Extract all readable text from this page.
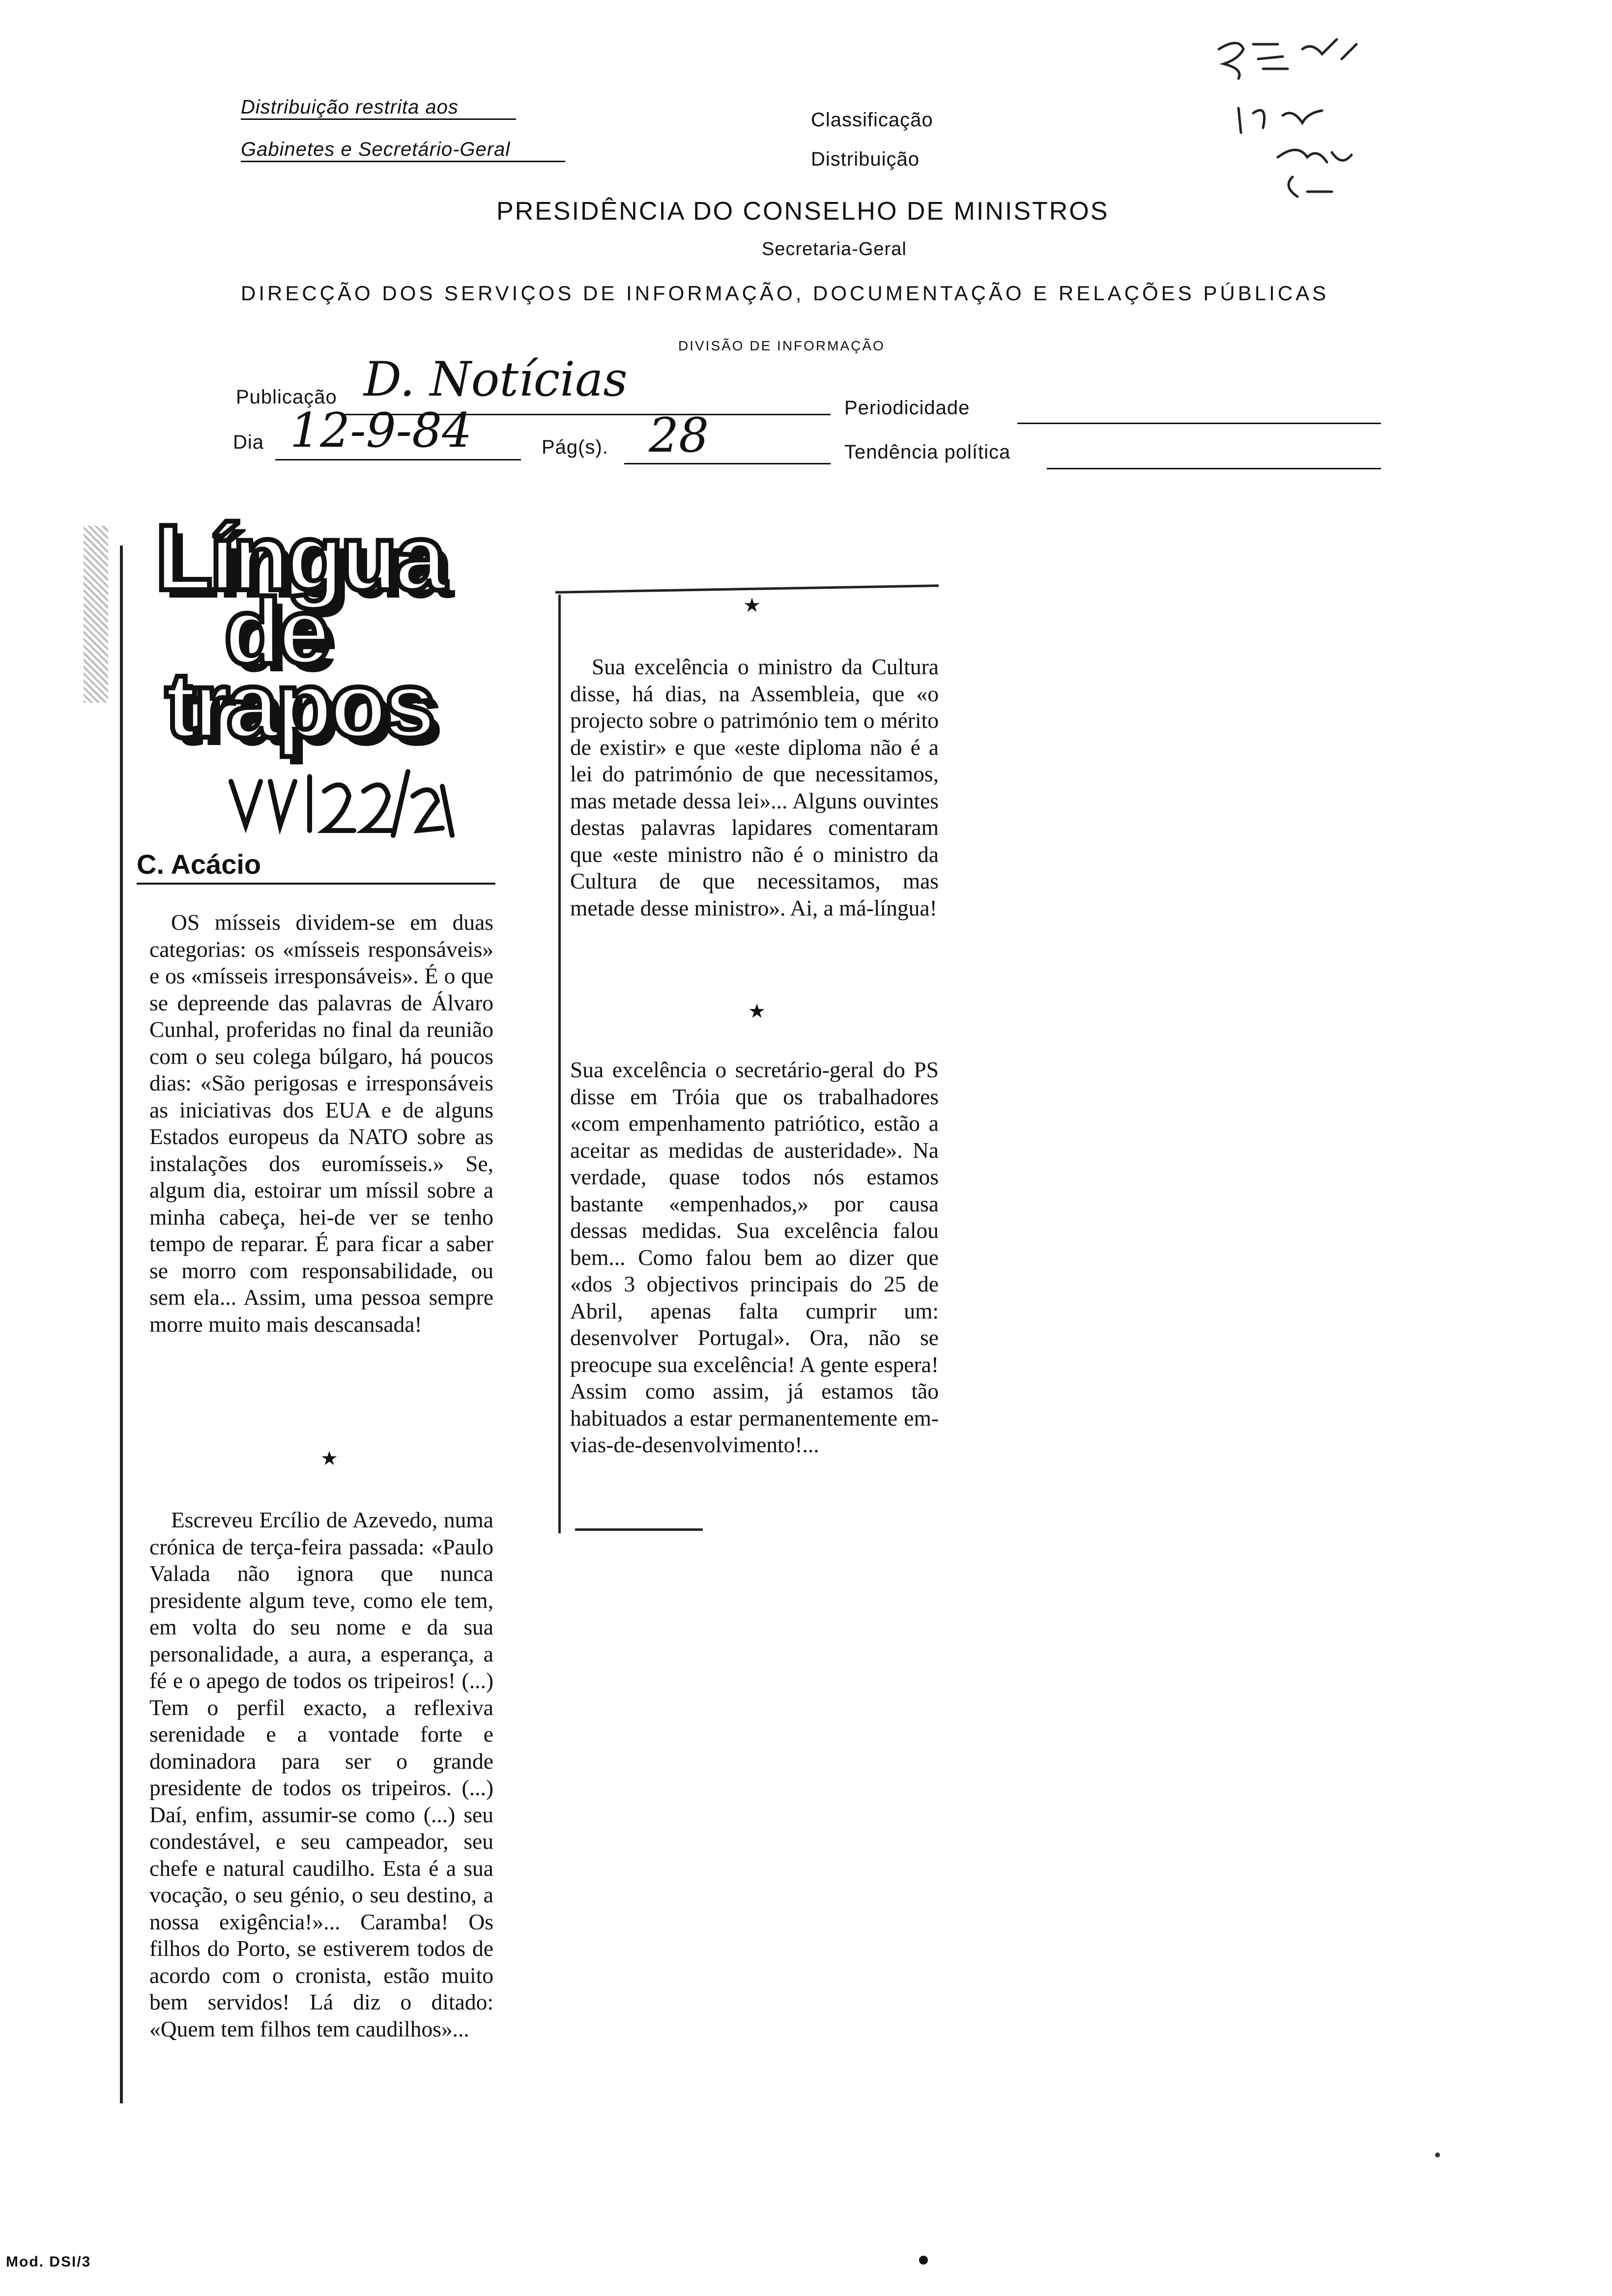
Distribuição restrita aos
Gabinetes e Secretário-Geral
Classificação
Distribuição
PRESIDÊNCIA DO CONSELHO DE MINISTROS
Secretaria-Geral
DIRECÇÃO DOS SERVIÇOS DE INFORMAÇÃO, DOCUMENTAÇÃO E RELAÇÕES PÚBLICAS
DIVISÃO DE INFORMAÇÃO
Publicação D. Notícias
Periodicidade
Dia 12-9-84	Pág(s). 28	Tendência política
Língua
de
trapos
C. Acácio

OS mísseis dividem-se em duas categorias: os «mísseis responsáveis» e os «mísseis irresponsáveis». É o que se depreende das palavras de Álvaro Cunhal, proferidas no final da reunião com o seu colega búlgaro, há poucos dias: «São perigosas e irresponsáveis as iniciativas dos EUA e de alguns Estados europeus da NATO sobre as instalações dos euromísseis.» Se, algum dia, estoirar um míssil sobre a minha cabeça, hei-de ver se tenho tempo de reparar. É para ficar a saber se morro com responsabilidade, ou sem ela... Assim, uma pessoa sempre morre muito mais descansada!

★

Escreveu Ercílio de Azevedo, numa crónica de terça-feira passada: «Paulo Valada não ignora que nunca presidente algum teve, como ele tem, em volta do seu nome e da sua personalidade, a aura, a esperança, a fé e o apego de todos os tripeiros! (...) Tem o perfil exacto, a reflexiva serenidade e a vontade forte e dominadora para ser o grande presidente de todos os tripeiros. (...) Daí, enfim, assumir-se como (...) seu condestável, e seu campeador, seu chefe e natural caudilho. Esta é a sua vocação, o seu génio, o seu destino, a nossa exigência!»... Caramba! Os filhos do Porto, se estiverem todos de acordo com o cronista, estão muito bem servidos! Lá diz o ditado: «Quem tem filhos tem caudilhos»...

★

Sua excelência o ministro da Cultura disse, há dias, na Assembleia, que «o projecto sobre o património tem o mérito de existir» e que «este diploma não é a lei do património de que necessitamos, mas metade dessa lei»... Alguns ouvintes destas palavras lapidares comentaram que «este ministro não é o ministro da Cultura de que necessitamos, mas metade desse ministro». Ai, a má-língua!

★

Sua excelência o secretário-geral do PS disse em Tróia que os trabalhadores «com empenhamento patriótico, estão a aceitar as medidas de austeridade». Na verdade, quase todos nós estamos bastante «empenhados,» por causa dessas medidas. Sua excelência falou bem... Como falou bem ao dizer que «dos 3 objectivos principais do 25 de Abril, apenas falta cumprir um: desenvolver Portugal». Ora, não se preocupe sua excelência! A gente espera! Assim como assim, já estamos tão habituados a estar permanentemente em-vias-de-desenvolvimento!...

Mod. DSI/3
